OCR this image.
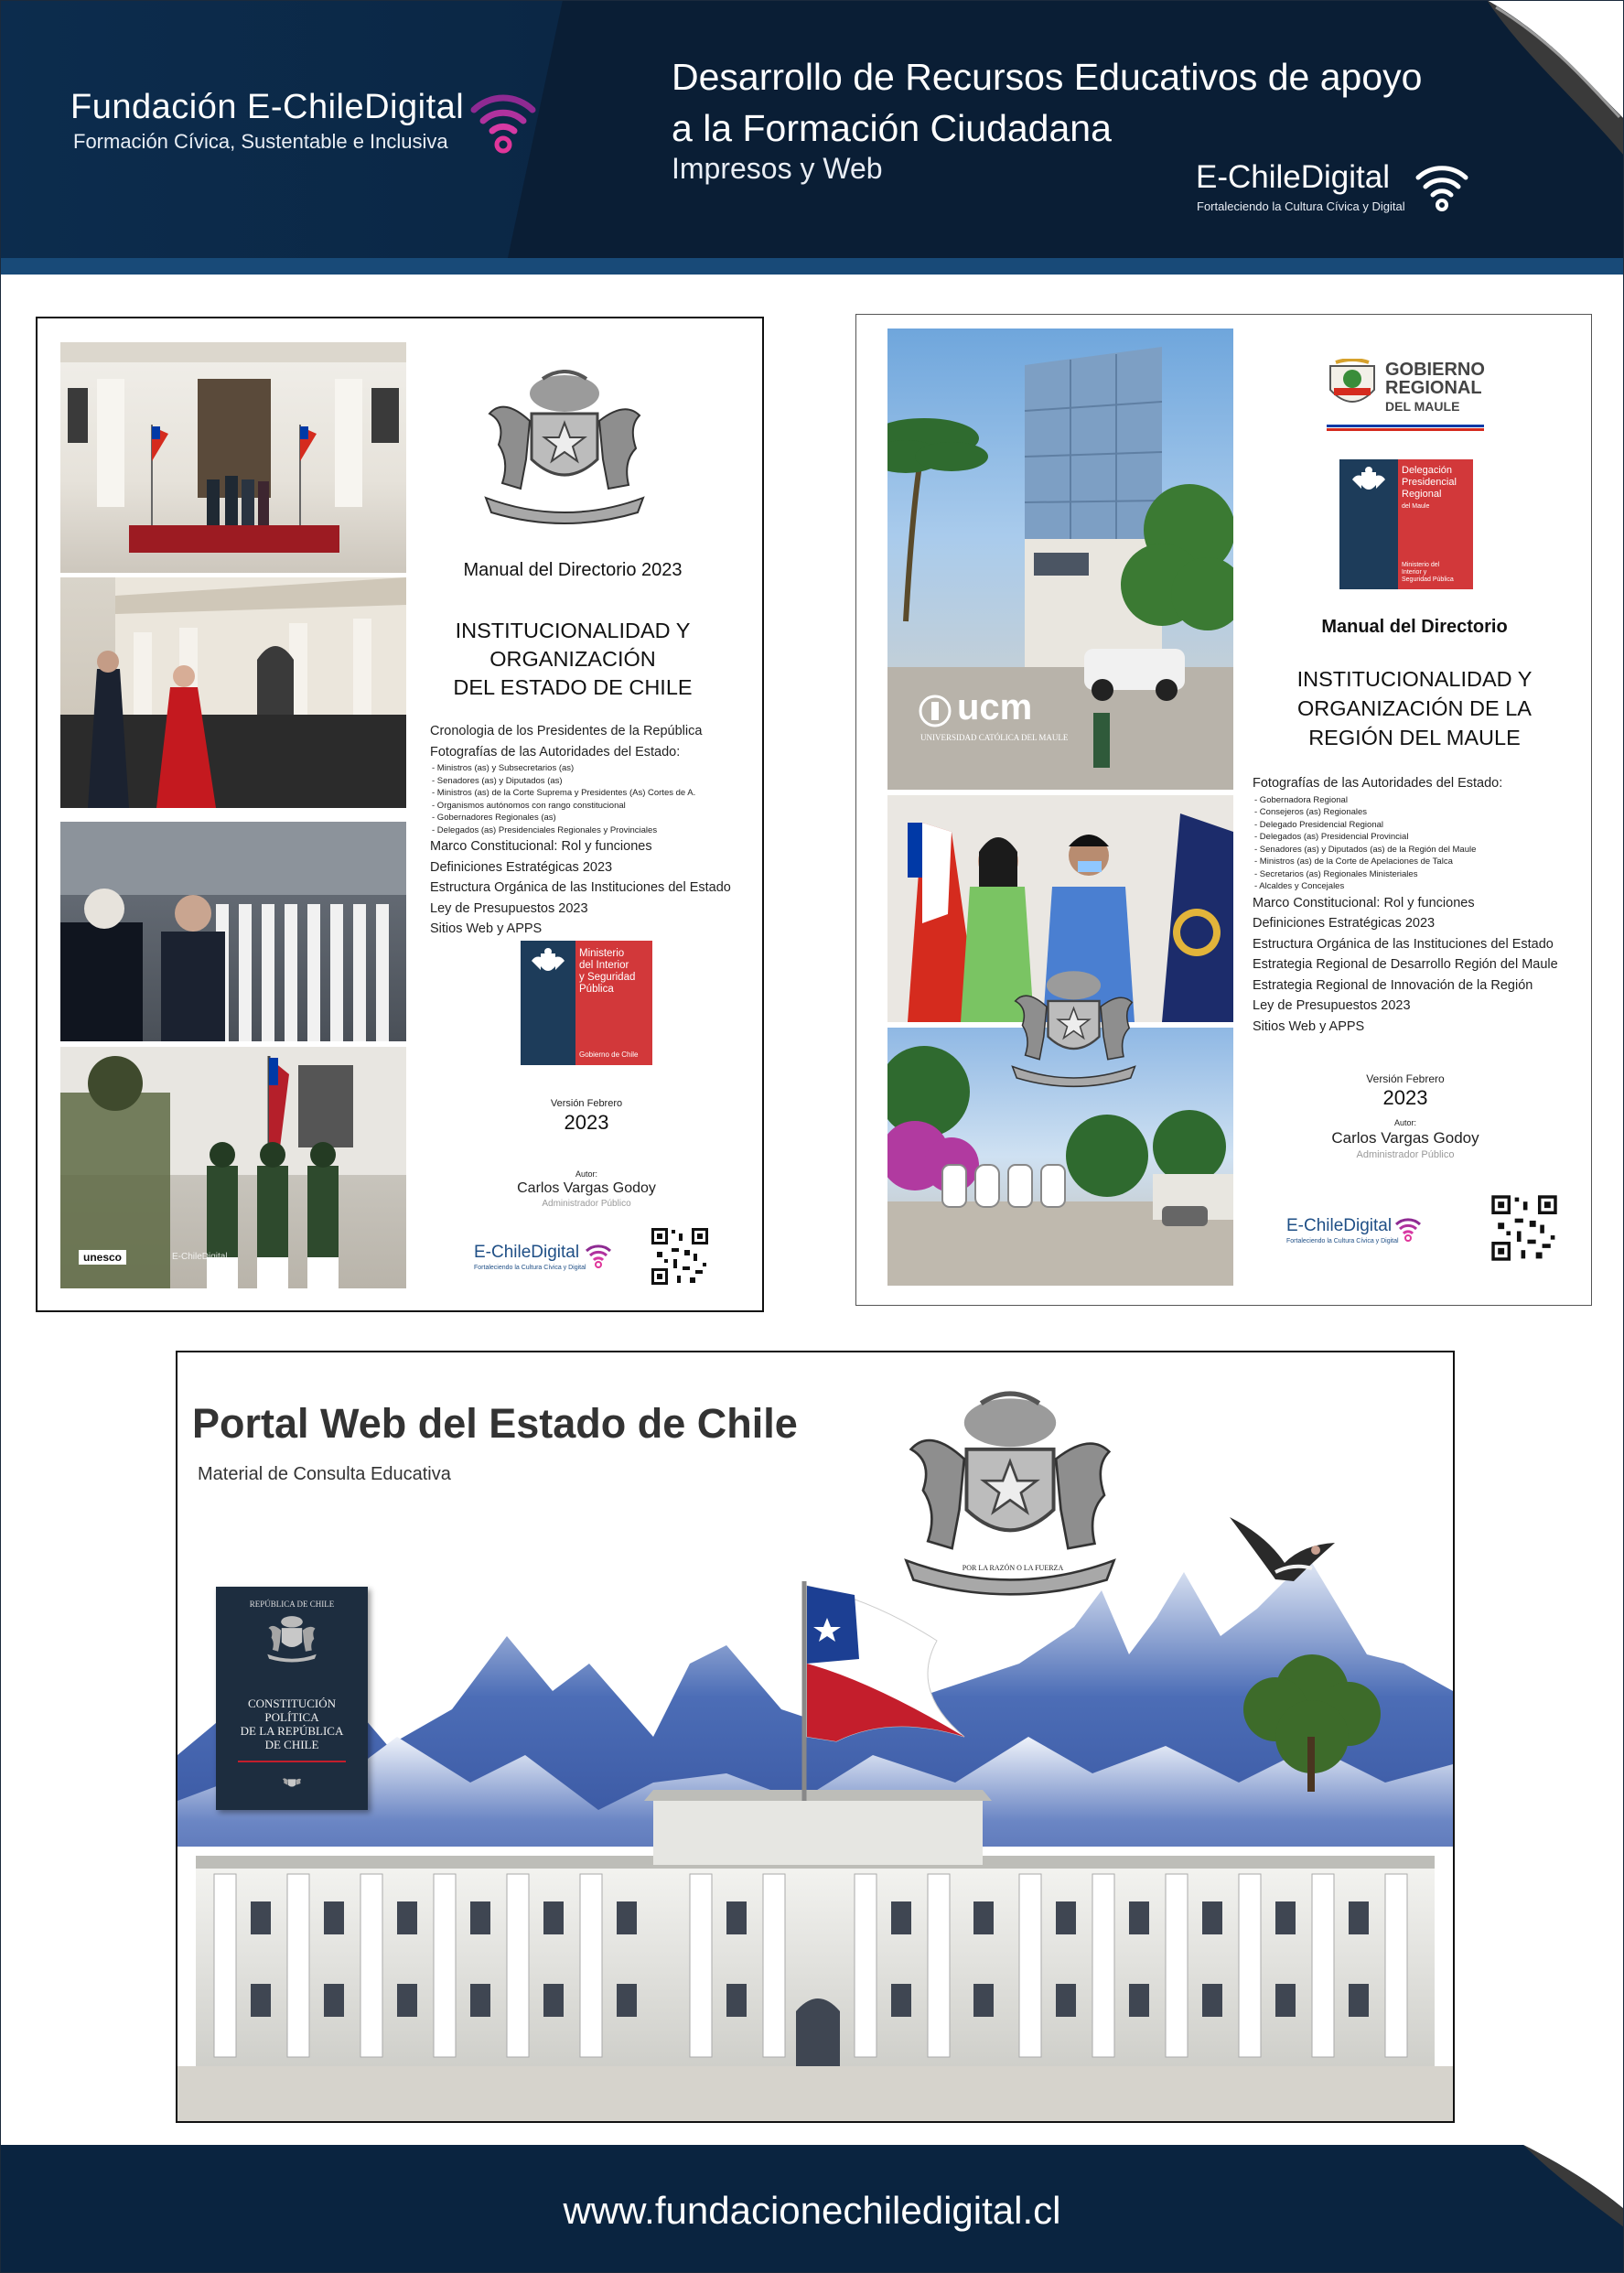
Fundación E-ChileDigital
Formación Cívica, Sustentable e Inclusiva
Desarrollo de Recursos Educativos de apoyo
a la Formación Ciudadana
Impresos y Web	E-ChileDigital
Fortaleciendo la Cultura Cívica y Digital
unesco	E-ChileDigital
Manual del Directorio 2023
INSTITUCIONALIDAD Y
ORGANIZACIÓN
DEL ESTADO DE CHILE
Cronologia de los Presidentes de la República
Fotografías de las Autoridades del Estado:
- Ministros (as) y Subsecretarios (as)
- Senadores (as) y Diputados (as)
- Ministros (as) de la Corte Suprema y Presidentes (As) Cortes de A.
- Organismos autónomos con rango constitucional
- Gobernadores Regionales (as)
- Delegados (as) Presidenciales Regionales y Provinciales
Marco Constitucional: Rol y funciones
Definiciones Estratégicas 2023
Estructura Orgánica de las Instituciones del Estado
Ley de Presupuestos 2023
Sitios Web y APPS
Ministerio
del Interior
y Seguridad
Pública
Gobierno de Chile
Versión Febrero
2023
Autor:
Carlos Vargas Godoy
Administrador Público
E-ChileDigital
Fortaleciendo la Cultura Cívica y Digital
ucm
UNIVERSIDAD CATÓLICA DEL MAULE
GOBIERNO
REGIONAL
DEL MAULE
Delegación
Presidencial
Regional
del Maule
Ministerio del
Interior y
Seguridad Pública
Manual del Directorio
INSTITUCIONALIDAD Y
ORGANIZACIÓN DE LA
REGIÓN DEL MAULE
Fotografías de las Autoridades del Estado:
- Gobernadora Regional
- Consejeros (as) Regionales
- Delegado Presidencial Regional
- Delegados (as) Presidencial Provincial
- Senadores (as) y Diputados (as) de la Región del Maule
- Ministros (as) de la Corte de Apelaciones de Talca
- Secretarios (as) Regionales Ministeriales
- Alcaldes y Concejales
Marco Constitucional: Rol y funciones
Definiciones Estratégicas 2023
Estructura Orgánica de las Instituciones del Estado
Estrategia Regional de Desarrollo Región del Maule
Estrategia Regional de Innovación de la Región
Ley de Presupuestos 2023
Sitios Web y APPS
Versión Febrero
2023
Autor:
Carlos Vargas Godoy
Administrador Público
E-ChileDigital
Fortaleciendo la Cultura Cívica y Digital
Portal Web del Estado de Chile
Material de Consulta Educativa
POR LA RAZÓN O LA FUERZA
REPÚBLICA DE CHILE
CONSTITUCIÓN
POLÍTICA
DE LA REPÚBLICA
DE CHILE
www.fundacionechiledigital.cl
